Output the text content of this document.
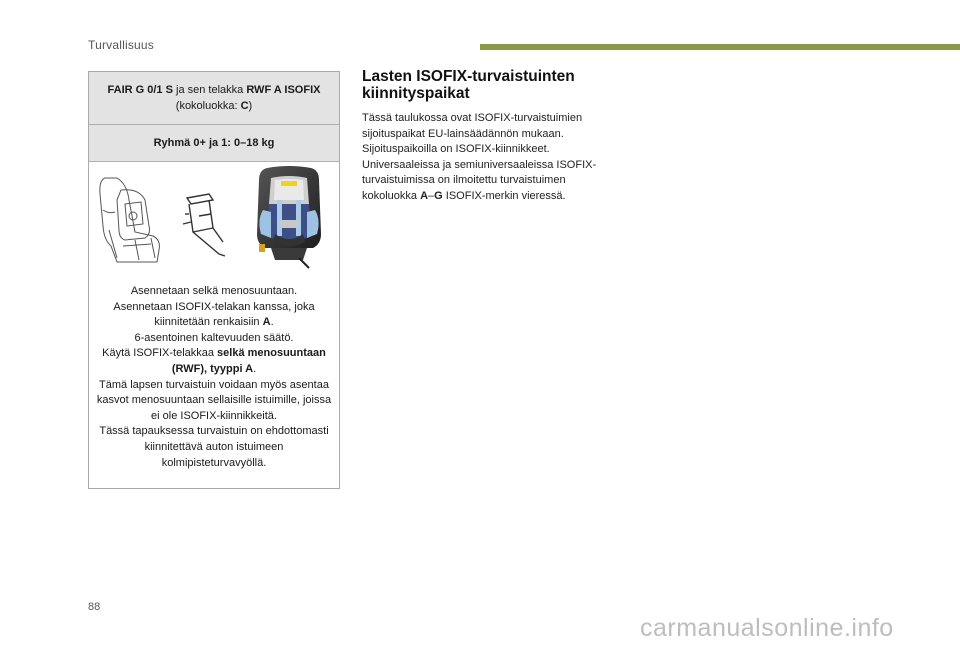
Turvallisuus
FAIR G 0/1 S ja sen telakka RWF A ISOFIX
(kokoluokka: C)
Ryhmä 0+ ja 1: 0–18 kg
Asennetaan selkä menosuuntaan.
Asennetaan ISOFIX-telakan kanssa, joka kiinnitetään renkaisiin A.
6-asentoinen kaltevuuden säätö.
Käytä ISOFIX-telakkaa selkä menosuuntaan (RWF), tyyppi A.
Tämä lapsen turvaistuin voidaan myös asentaa kasvot menosuuntaan sellaisille istuimille, joissa ei ole ISOFIX-kiinnikkeitä.
Tässä tapauksessa turvaistuin on ehdottomasti kiinnitettävä auton istuimeen kolmipisteturvavyöllä.
Lasten ISOFIX-turvaistuinten kiinnityspaikat
Tässä taulukossa ovat ISOFIX-turvaistuimien sijoituspaikat EU-lainsäädännön mukaan. Sijoituspaikoilla on ISOFIX-kiinnikkeet. Universaaleissa ja semiuniversaaleissa ISOFIX-turvaistuimissa on ilmoitettu turvaistuimen kokoluokka A–G ISOFIX-merkin vieressä.
88
carmanualsonline.info
